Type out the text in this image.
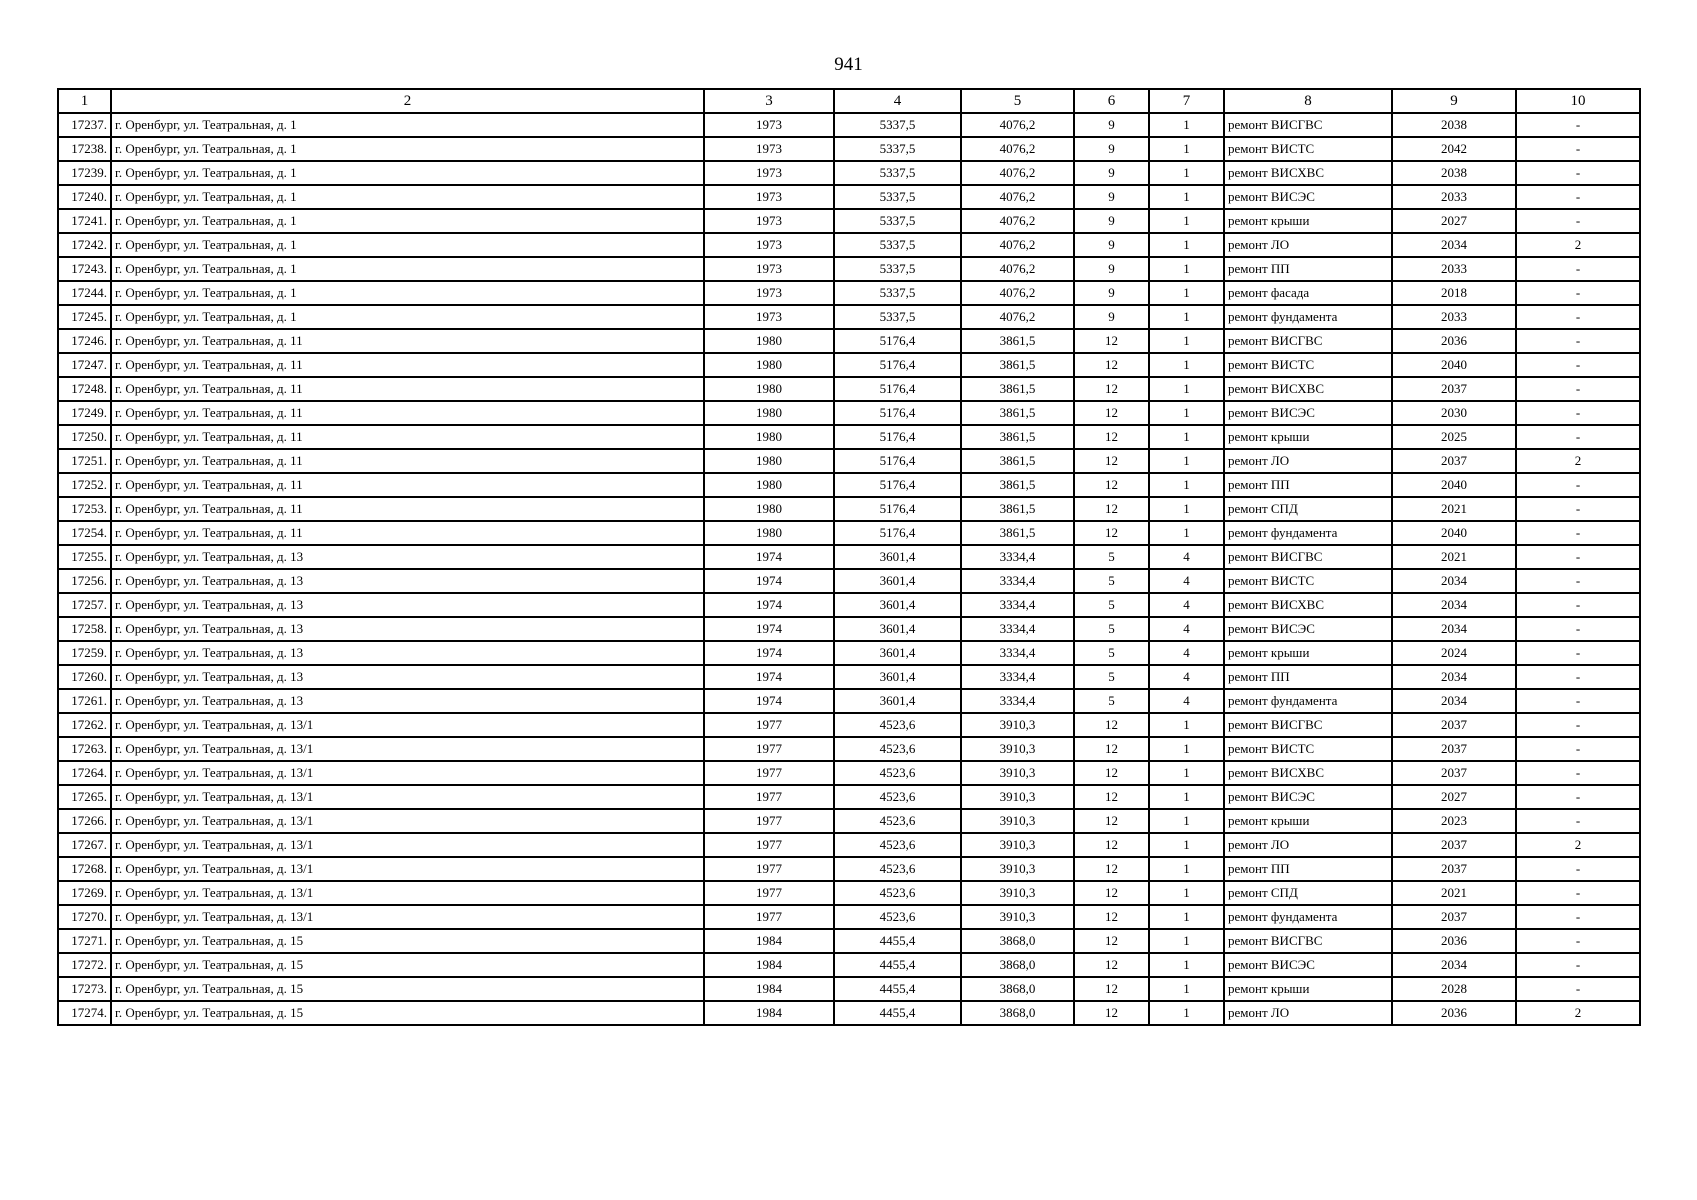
941
1	2	3	4	5	6	7	8	9	10
17237.	г. Оренбург, ул. Театральная, д. 1	1973	5337,5	4076,2	9	1	ремонт ВИСГВС	2038	-
17238.	г. Оренбург, ул. Театральная, д. 1	1973	5337,5	4076,2	9	1	ремонт ВИСТС	2042	-
17239.	г. Оренбург, ул. Театральная, д. 1	1973	5337,5	4076,2	9	1	ремонт ВИСХВС	2038	-
17240.	г. Оренбург, ул. Театральная, д. 1	1973	5337,5	4076,2	9	1	ремонт ВИСЭС	2033	-
17241.	г. Оренбург, ул. Театральная, д. 1	1973	5337,5	4076,2	9	1	ремонт крыши	2027	-
17242.	г. Оренбург, ул. Театральная, д. 1	1973	5337,5	4076,2	9	1	ремонт ЛО	2034	2
17243.	г. Оренбург, ул. Театральная, д. 1	1973	5337,5	4076,2	9	1	ремонт ПП	2033	-
17244.	г. Оренбург, ул. Театральная, д. 1	1973	5337,5	4076,2	9	1	ремонт фасада	2018	-
17245.	г. Оренбург, ул. Театральная, д. 1	1973	5337,5	4076,2	9	1	ремонт фундамента	2033	-
17246.	г. Оренбург, ул. Театральная, д. 11	1980	5176,4	3861,5	12	1	ремонт ВИСГВС	2036	-
17247.	г. Оренбург, ул. Театральная, д. 11	1980	5176,4	3861,5	12	1	ремонт ВИСТС	2040	-
17248.	г. Оренбург, ул. Театральная, д. 11	1980	5176,4	3861,5	12	1	ремонт ВИСХВС	2037	-
17249.	г. Оренбург, ул. Театральная, д. 11	1980	5176,4	3861,5	12	1	ремонт ВИСЭС	2030	-
17250.	г. Оренбург, ул. Театральная, д. 11	1980	5176,4	3861,5	12	1	ремонт крыши	2025	-
17251.	г. Оренбург, ул. Театральная, д. 11	1980	5176,4	3861,5	12	1	ремонт ЛО	2037	2
17252.	г. Оренбург, ул. Театральная, д. 11	1980	5176,4	3861,5	12	1	ремонт ПП	2040	-
17253.	г. Оренбург, ул. Театральная, д. 11	1980	5176,4	3861,5	12	1	ремонт СПД	2021	-
17254.	г. Оренбург, ул. Театральная, д. 11	1980	5176,4	3861,5	12	1	ремонт фундамента	2040	-
17255.	г. Оренбург, ул. Театральная, д. 13	1974	3601,4	3334,4	5	4	ремонт ВИСГВС	2021	-
17256.	г. Оренбург, ул. Театральная, д. 13	1974	3601,4	3334,4	5	4	ремонт ВИСТС	2034	-
17257.	г. Оренбург, ул. Театральная, д. 13	1974	3601,4	3334,4	5	4	ремонт ВИСХВС	2034	-
17258.	г. Оренбург, ул. Театральная, д. 13	1974	3601,4	3334,4	5	4	ремонт ВИСЭС	2034	-
17259.	г. Оренбург, ул. Театральная, д. 13	1974	3601,4	3334,4	5	4	ремонт крыши	2024	-
17260.	г. Оренбург, ул. Театральная, д. 13	1974	3601,4	3334,4	5	4	ремонт ПП	2034	-
17261.	г. Оренбург, ул. Театральная, д. 13	1974	3601,4	3334,4	5	4	ремонт фундамента	2034	-
17262.	г. Оренбург, ул. Театральная, д. 13/1	1977	4523,6	3910,3	12	1	ремонт ВИСГВС	2037	-
17263.	г. Оренбург, ул. Театральная, д. 13/1	1977	4523,6	3910,3	12	1	ремонт ВИСТС	2037	-
17264.	г. Оренбург, ул. Театральная, д. 13/1	1977	4523,6	3910,3	12	1	ремонт ВИСХВС	2037	-
17265.	г. Оренбург, ул. Театральная, д. 13/1	1977	4523,6	3910,3	12	1	ремонт ВИСЭС	2027	-
17266.	г. Оренбург, ул. Театральная, д. 13/1	1977	4523,6	3910,3	12	1	ремонт крыши	2023	-
17267.	г. Оренбург, ул. Театральная, д. 13/1	1977	4523,6	3910,3	12	1	ремонт ЛО	2037	2
17268.	г. Оренбург, ул. Театральная, д. 13/1	1977	4523,6	3910,3	12	1	ремонт ПП	2037	-
17269.	г. Оренбург, ул. Театральная, д. 13/1	1977	4523,6	3910,3	12	1	ремонт СПД	2021	-
17270.	г. Оренбург, ул. Театральная, д. 13/1	1977	4523,6	3910,3	12	1	ремонт фундамента	2037	-
17271.	г. Оренбург, ул. Театральная, д. 15	1984	4455,4	3868,0	12	1	ремонт ВИСГВС	2036	-
17272.	г. Оренбург, ул. Театральная, д. 15	1984	4455,4	3868,0	12	1	ремонт ВИСЭС	2034	-
17273.	г. Оренбург, ул. Театральная, д. 15	1984	4455,4	3868,0	12	1	ремонт крыши	2028	-
17274.	г. Оренбург, ул. Театральная, д. 15	1984	4455,4	3868,0	12	1	ремонт ЛО	2036	2
